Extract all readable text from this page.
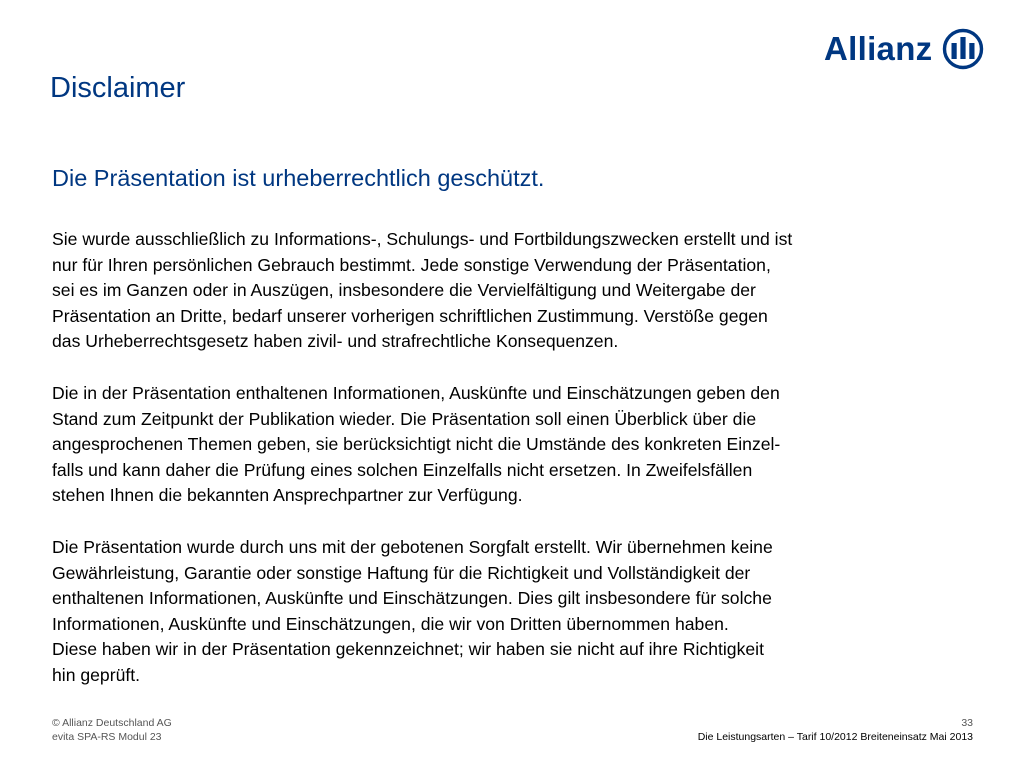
Allianz
Disclaimer
Die Präsentation ist urheberrechtlich geschützt.

Sie wurde ausschließlich zu Informations-, Schulungs- und Fortbildungszwecken erstellt und ist
nur für Ihren persönlichen Gebrauch bestimmt. Jede sonstige Verwendung der Präsentation,
sei es im Ganzen oder in Auszügen, insbesondere die Vervielfältigung und Weitergabe der
Präsentation an Dritte, bedarf unserer vorherigen schriftlichen Zustimmung. Verstöße gegen
das Urheberrechtsgesetz haben zivil- und strafrechtliche Konsequenzen.

Die in der Präsentation enthaltenen Informationen, Auskünfte und Einschätzungen geben den
Stand zum Zeitpunkt der Publikation wieder. Die Präsentation soll einen Überblick über die
angesprochenen Themen geben, sie berücksichtigt nicht die Umstände des konkreten Einzel-
falls und kann daher die Prüfung eines solchen Einzelfalls nicht ersetzen. In Zweifelsfällen
stehen Ihnen die bekannten Ansprechpartner zur Verfügung.

Die Präsentation wurde durch uns mit der gebotenen Sorgfalt erstellt. Wir übernehmen keine
Gewährleistung, Garantie oder sonstige Haftung für die Richtigkeit und Vollständigkeit der
enthaltenen Informationen, Auskünfte und Einschätzungen. Dies gilt insbesondere für solche
Informationen, Auskünfte und Einschätzungen, die wir von Dritten übernommen haben.
Diese haben wir in der Präsentation gekennzeichnet; wir haben sie nicht auf ihre Richtigkeit
hin geprüft.

© Allianz Deutschland AG
evita SPA-RS Modul 23
33
Die Leistungsarten – Tarif 10/2012 Breiteneinsatz Mai 2013
